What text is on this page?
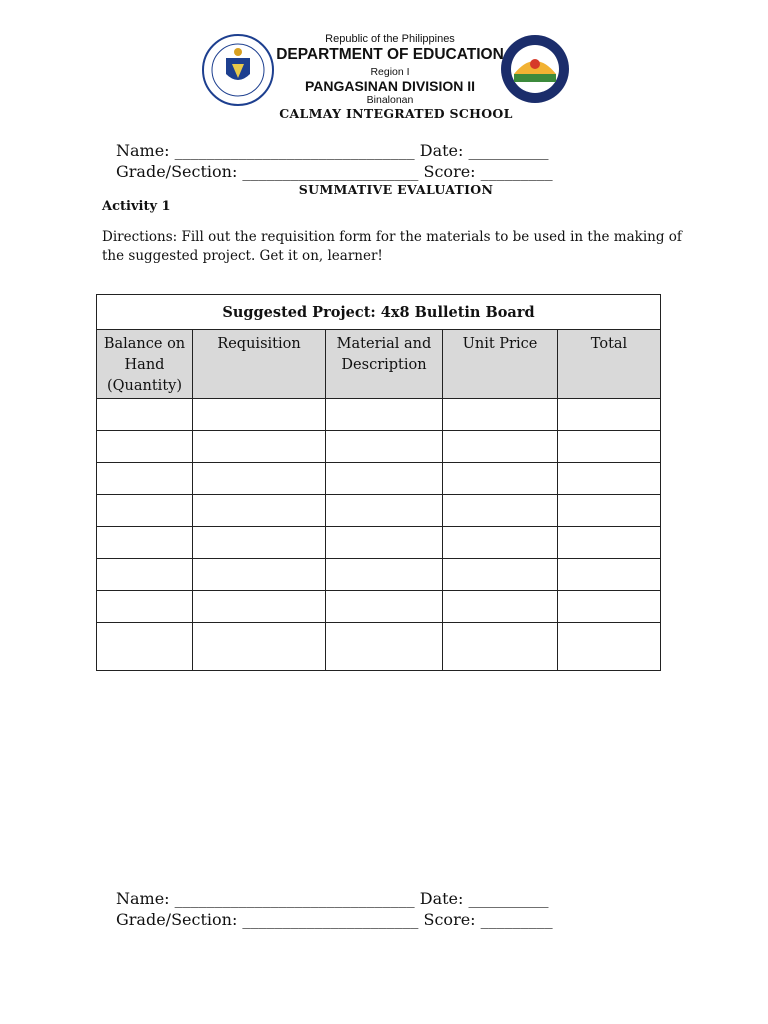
Republic of the Philippines
DEPARTMENT OF EDUCATION
Region I
PANGASINAN DIVISION II
Binalonan
CALMAY INTEGRATED SCHOOL
Name: ______________________________ Date: __________
Grade/Section: ______________________ Score: _________
SUMMATIVE EVALUATION
Activity 1
Directions: Fill out the requisition form for the materials to be used in the making of the suggested project. Get it on, learner!
Suggested Project: 4x8 Bulletin Board				
Balance on Hand (Quantity)	Requisition	Material and Description	Unit Price	Total

Name: ______________________________ Date: __________
Grade/Section: ______________________ Score: _________
